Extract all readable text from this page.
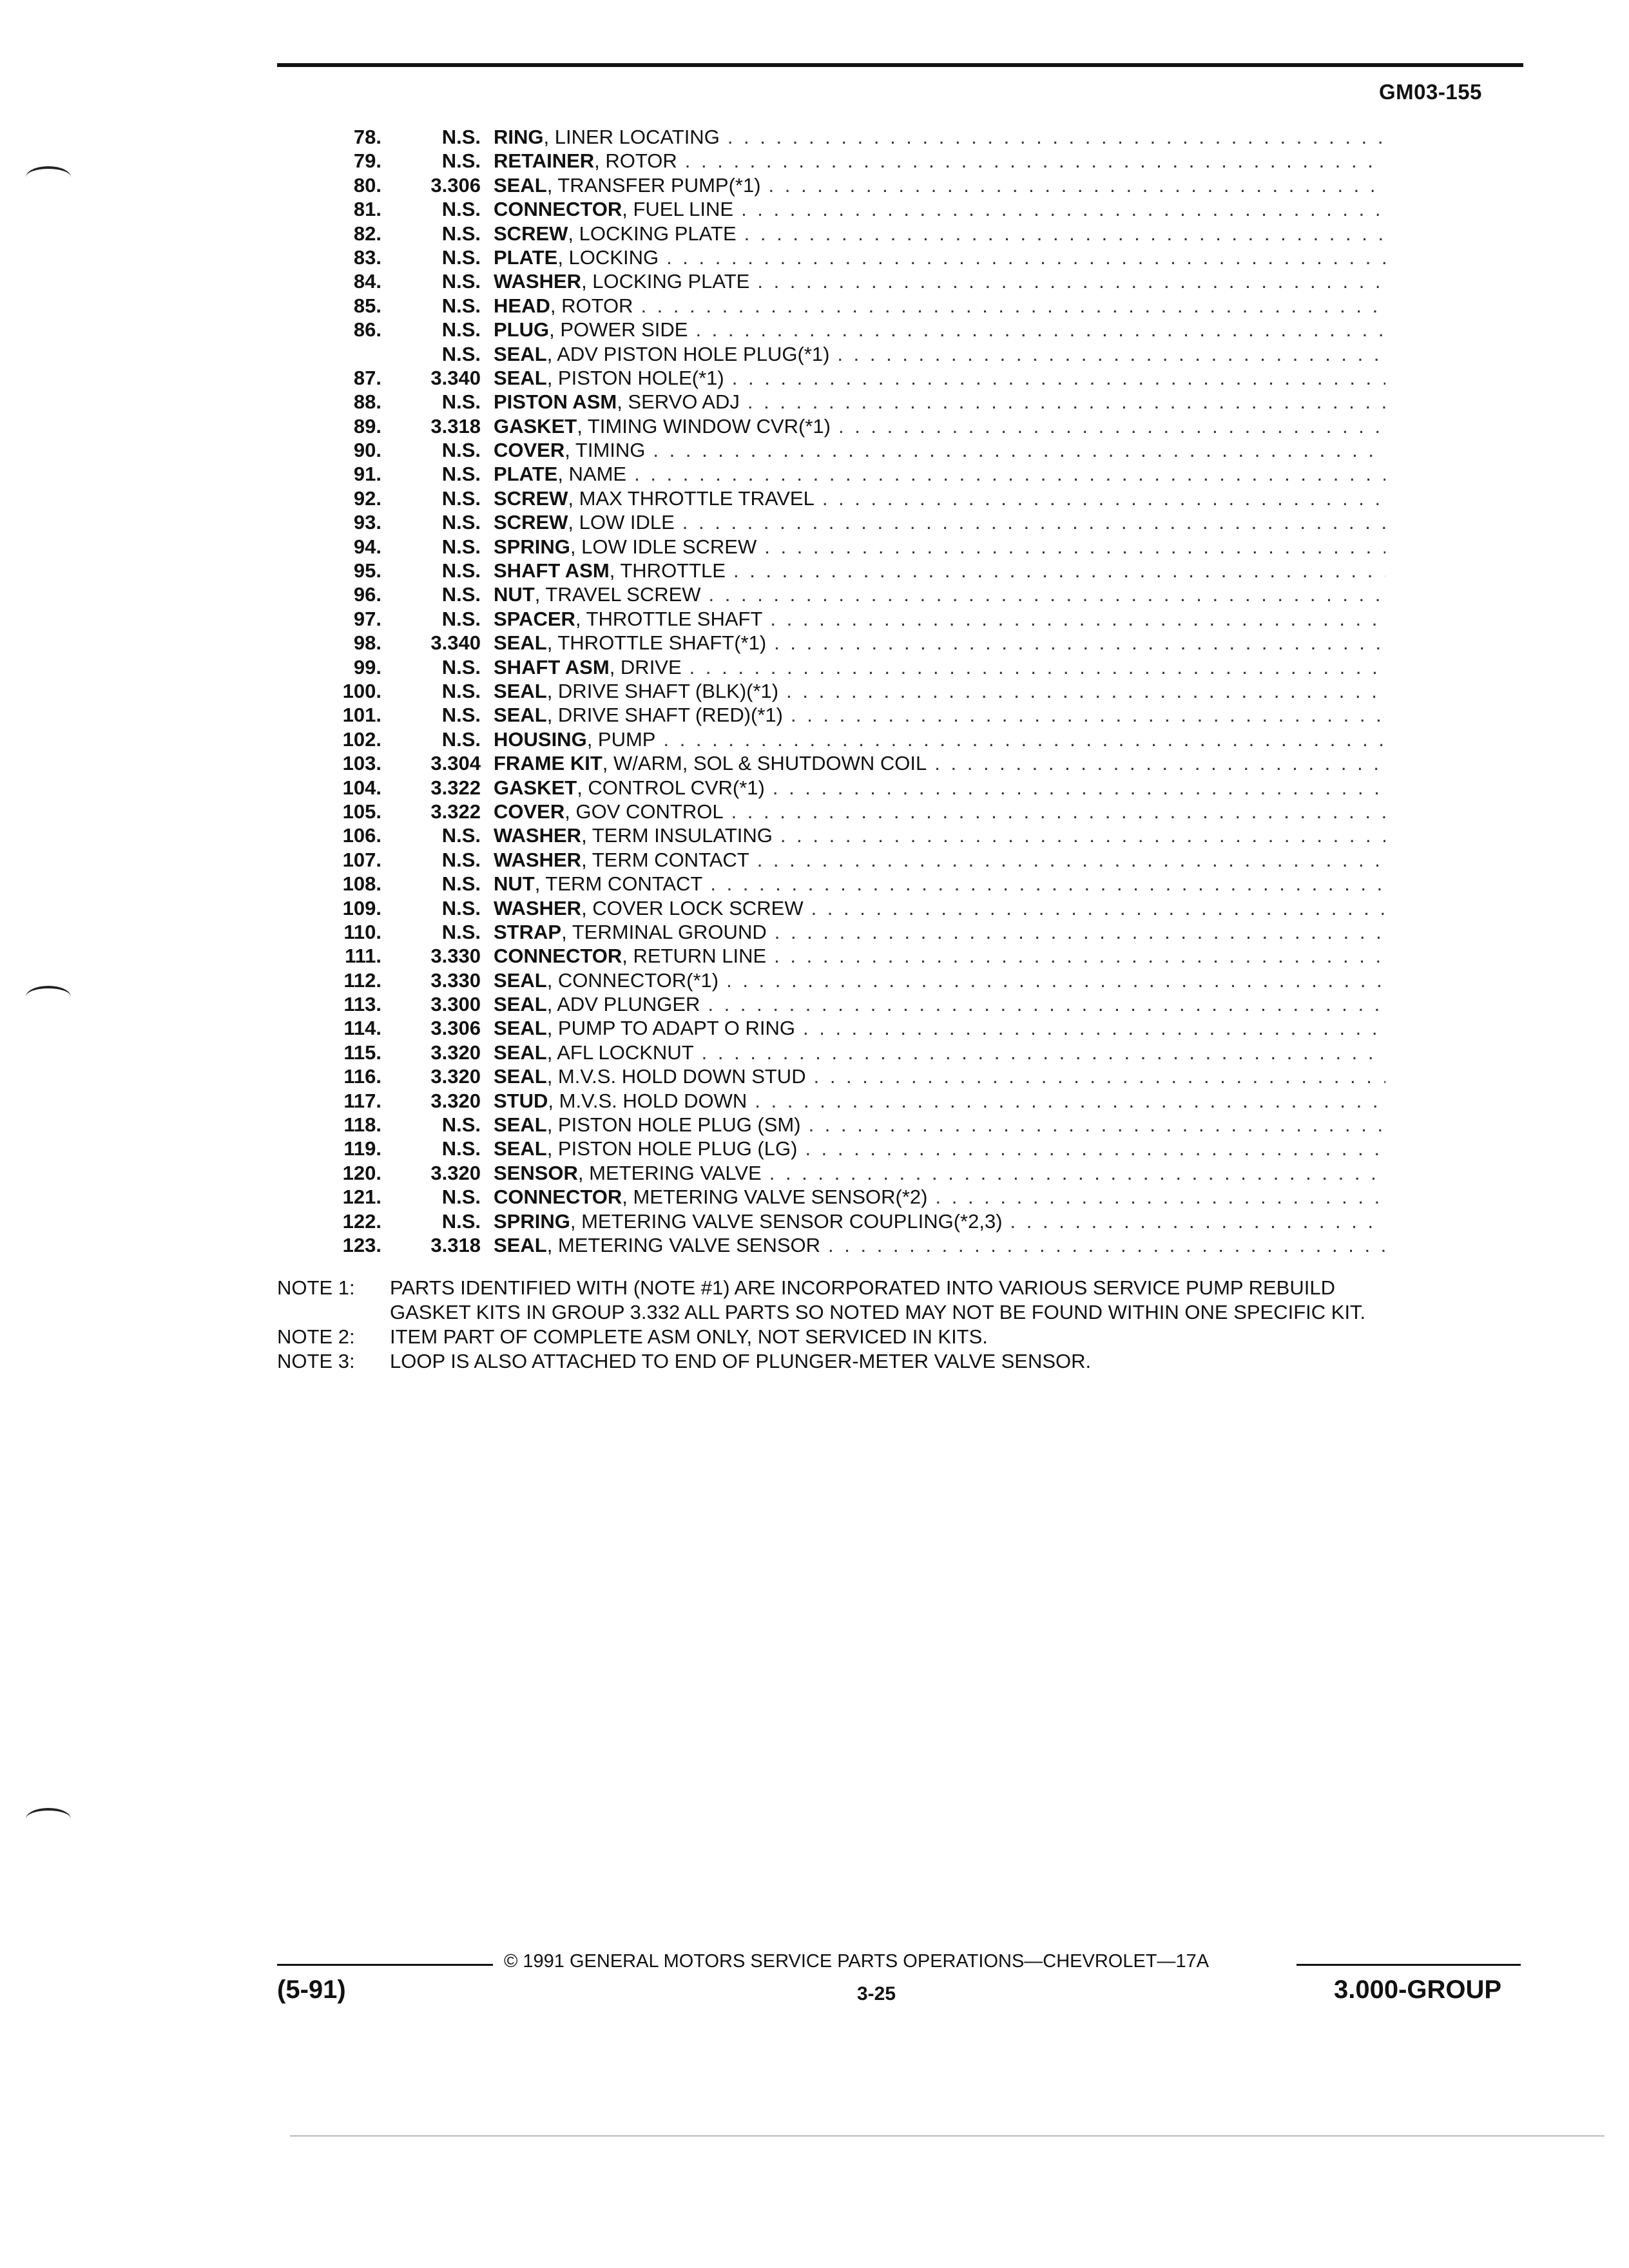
GM03-155
78.	N.S. RING , LINER LOCATING
. . .
79.	N.S. RETAINER , ROTOR
. . .
80.	3.306 SEAL , TRANSFER PUMP(*1)
. . .
81.	N.S. CONNECTOR , FUEL LINE
. . .
82.	N.S. SCREW , LOCKING PLATE
. . .
83.	N.S. PLATE , LOCKING
. . .
84.	N.S. WASHER , LOCKING PLATE
. . .
85.	N.S. HEAD , ROTOR
. . .
86.	N.S. PLUG , POWER SIDE
. . .
N.S. SEAL , ADV PISTON HOLE PLUG(*1)
. . .
87.	3.340 SEAL , PISTON HOLE(*1)
. . .
88.	N.S. PISTON ASM , SERVO ADJ
. . .
89.	3.318 GASKET , TIMING WINDOW CVR(*1)
. . .
90.	N.S. COVER , TIMING
. . .
91.	N.S. PLATE , NAME
. . .
92.	N.S. SCREW , MAX THROTTLE TRAVEL
. . .
93.	N.S. SCREW , LOW IDLE
. . .
94.	N.S. SPRING , LOW IDLE SCREW
. . .
95.	N.S. SHAFT ASM , THROTTLE
. . .
96.	N.S. NUT , TRAVEL SCREW
. . .
97.	N.S. SPACER , THROTTLE SHAFT
. . .
98.	3.340 SEAL , THROTTLE SHAFT(*1)
. . .
99.	N.S. SHAFT ASM , DRIVE
. . .
100.	N.S. SEAL , DRIVE SHAFT (BLK)(*1)
. . .
101.	N.S. SEAL , DRIVE SHAFT (RED)(*1)
. . .
102.	N.S. HOUSING , PUMP
. . .
103.	3.304 FRAME KIT , W/ARM, SOL & SHUTDOWN COIL
. . .
104.	3.322 GASKET , CONTROL CVR(*1)
. . .
105.	3.322 COVER , GOV CONTROL
. . .
106.	N.S. WASHER , TERM INSULATING
. . .
107.	N.S. WASHER , TERM CONTACT
. . .
108.	N.S. NUT , TERM CONTACT
. . .
109.	N.S. WASHER , COVER LOCK SCREW
. . .
110.	N.S. STRAP , TERMINAL GROUND
. . .
111.	3.330 CONNECTOR , RETURN LINE
. . .
112.	3.330 SEAL , CONNECTOR(*1)
. . .
113.	3.300 SEAL , ADV PLUNGER
. . .
114.	3.306 SEAL , PUMP TO ADAPT O RING
. . .
115.	3.320 SEAL , AFL LOCKNUT
. . .
116.	3.320 SEAL , M.V.S. HOLD DOWN STUD
. . .
117.	3.320 STUD , M.V.S. HOLD DOWN
. . .
118.	N.S. SEAL , PISTON HOLE PLUG (SM)
. . .
119.	N.S. SEAL , PISTON HOLE PLUG (LG)
. . .
120.	3.320 SENSOR , METERING VALVE
. . .
121.	N.S. CONNECTOR , METERING VALVE SENSOR(*2)
. . .
122.	N.S. SPRING , METERING VALVE SENSOR COUPLING(*2,3)
. . .
123.	3.318 SEAL , METERING VALVE SENSOR
. . .
NOTE 1:	PARTS IDENTIFIED WITH (NOTE #1) ARE INCORPORATED INTO VARIOUS SERVICE PUMP REBUILD
GASKET KITS IN GROUP 3.332 ALL PARTS SO NOTED MAY NOT BE FOUND WITHIN ONE SPECIFIC KIT.
NOTE 2:	ITEM PART OF COMPLETE ASM ONLY, NOT SERVICED IN KITS.
NOTE 3:	LOOP IS ALSO ATTACHED TO END OF PLUNGER-METER VALVE SENSOR.
© 1991 GENERAL MOTORS SERVICE PARTS OPERATIONS—CHEVROLET—17A
(5-91)	3-25	3.000-GROUP
